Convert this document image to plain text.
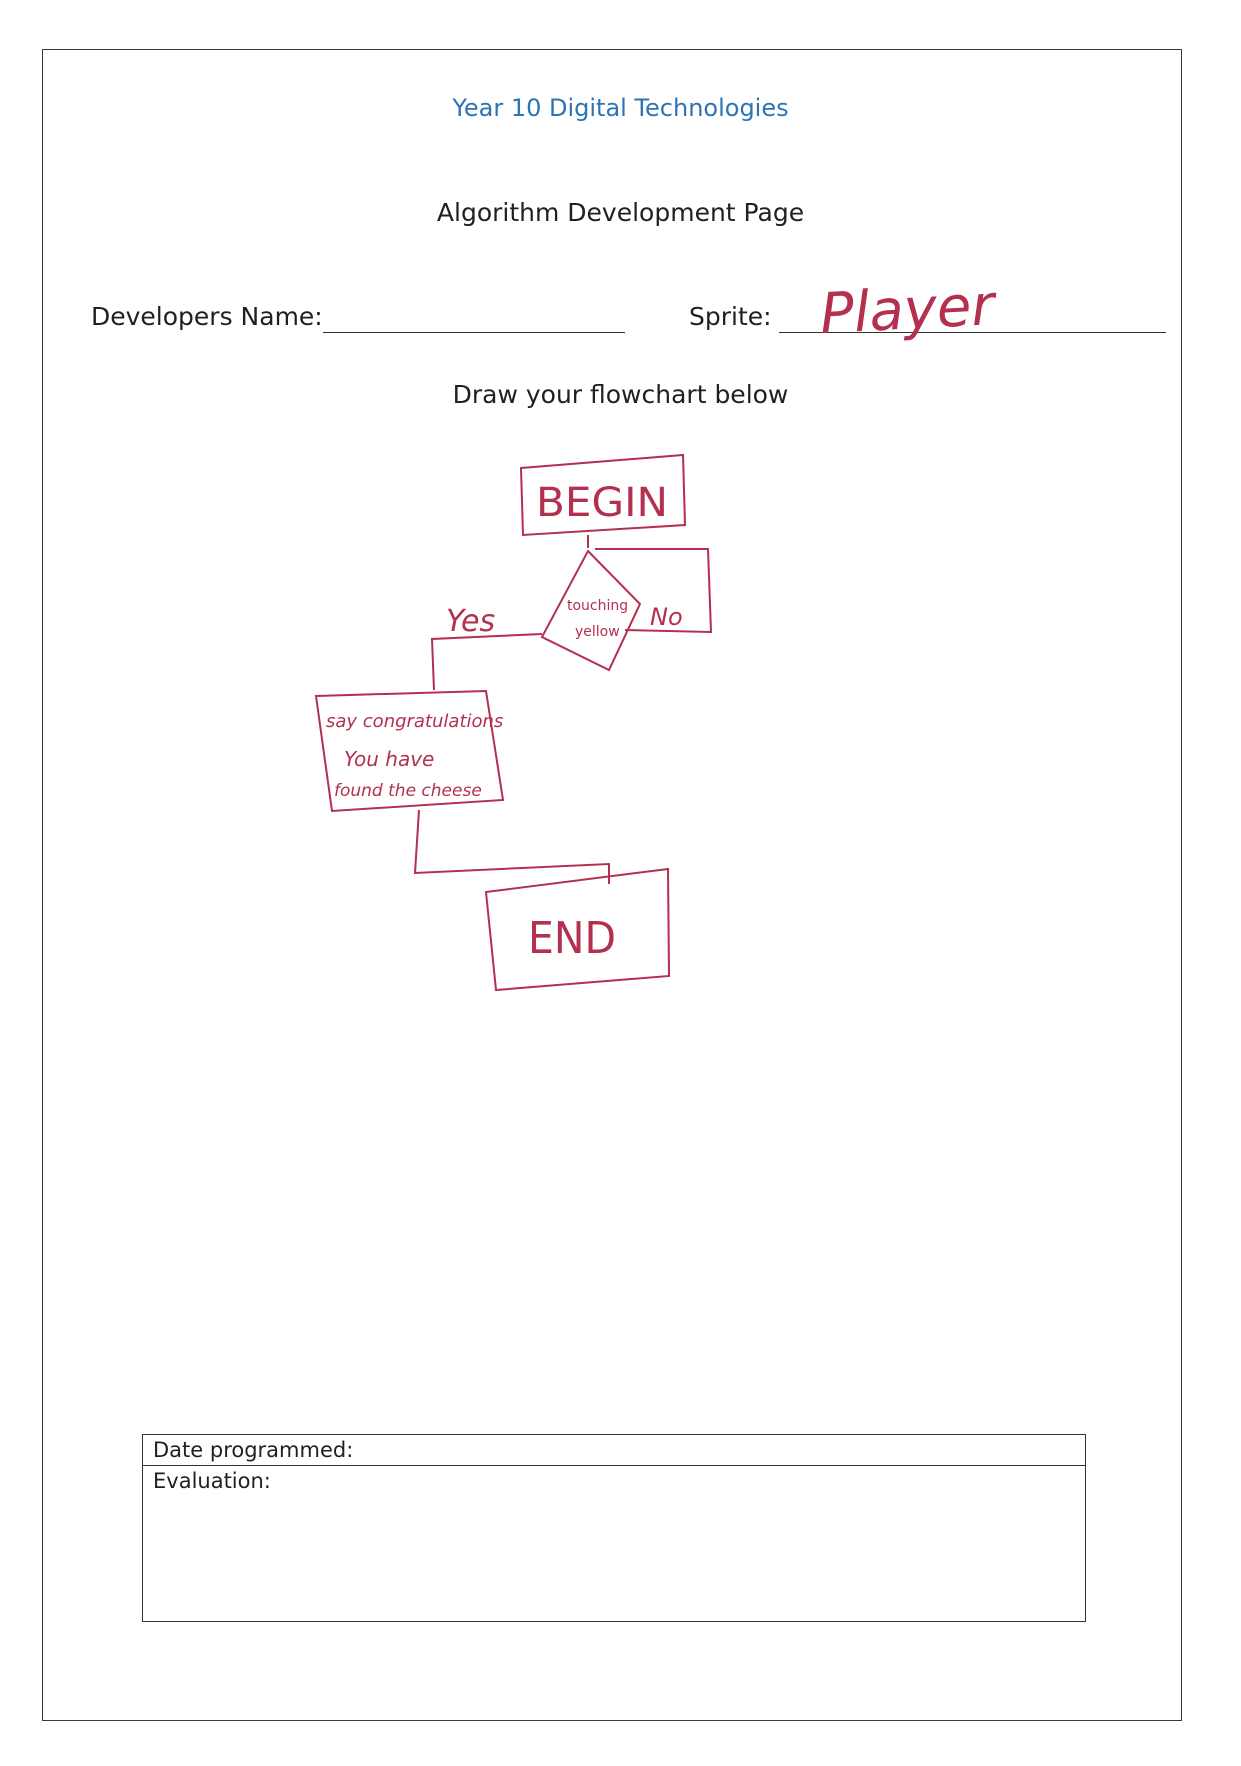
Year 10 Digital Technologies
Algorithm Development Page
Developers Name:	Sprite:
Draw your flowchart below
Player
BEGIN
touching
yellow
Yes	No
say congratulations
You have
found the cheese
END
Date programmed:
Evaluation:
